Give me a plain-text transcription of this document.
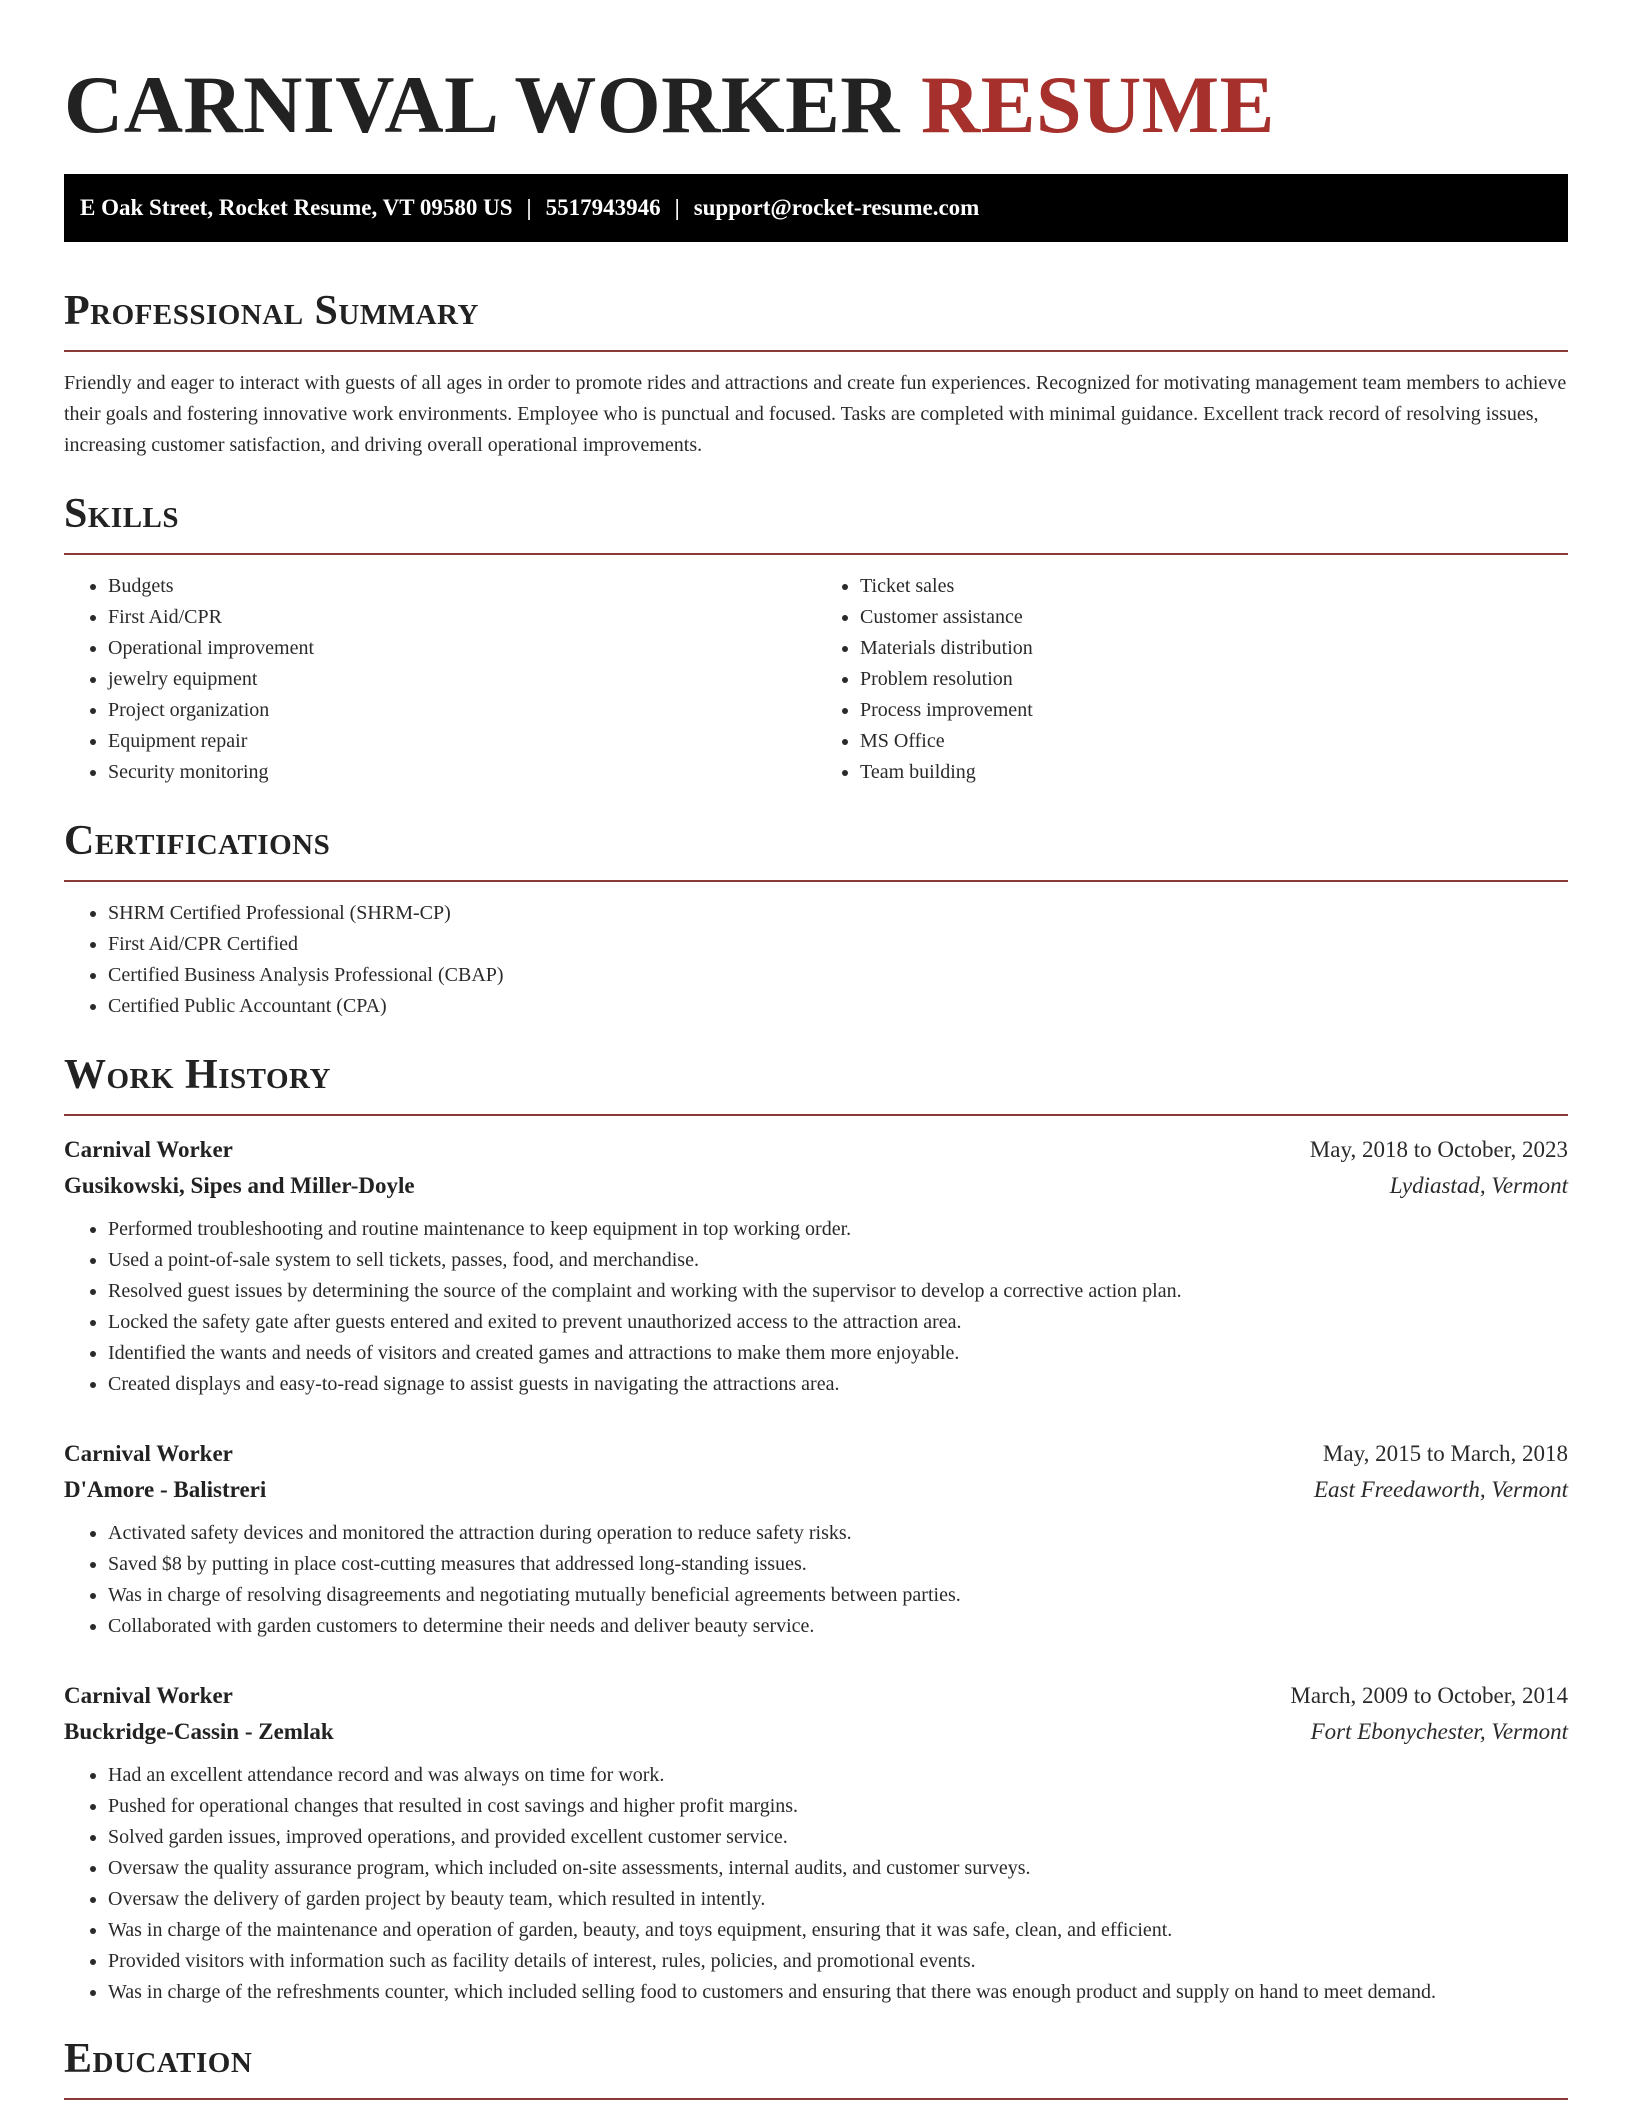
CARNIVAL WORKER RESUME
E Oak Street, Rocket Resume, VT 09580 US | 5517943946 | support@rocket-resume.com
Professional Summary

Friendly and eager to interact with guests of all ages in order to promote rides and attractions and create fun experiences. Recognized for motivating management team members to achieve their goals and fostering innovative work environments. Employee who is punctual and focused. Tasks are completed with minimal guidance. Excellent track record of resolving issues, increasing customer satisfaction, and driving overall operational improvements.

Skills
• Budgets
• First Aid/CPR
• Operational improvement
• jewelry equipment
• Project organization
• Equipment repair
• Security monitoring
• Ticket sales
• Customer assistance
• Materials distribution
• Problem resolution
• Process improvement
• MS Office
• Team building
Certifications
• SHRM Certified Professional (SHRM-CP)
• First Aid/CPR Certified
• Certified Business Analysis Professional (CBAP)
• Certified Public Accountant (CPA)
Work History
Carnival Worker	May, 2018 to October, 2023
Gusikowski, Sipes and Miller-Doyle	Lydiastad, Vermont
• Performed troubleshooting and routine maintenance to keep equipment in top working order.
• Used a point-of-sale system to sell tickets, passes, food, and merchandise.
• Resolved guest issues by determining the source of the complaint and working with the supervisor to develop a corrective action plan.
• Locked the safety gate after guests entered and exited to prevent unauthorized access to the attraction area.
• Identified the wants and needs of visitors and created games and attractions to make them more enjoyable.
• Created displays and easy-to-read signage to assist guests in navigating the attractions area.
Carnival Worker	May, 2015 to March, 2018
D'Amore - Balistreri	East Freedaworth, Vermont
• Activated safety devices and monitored the attraction during operation to reduce safety risks.
• Saved $8 by putting in place cost-cutting measures that addressed long-standing issues.
• Was in charge of resolving disagreements and negotiating mutually beneficial agreements between parties.
• Collaborated with garden customers to determine their needs and deliver beauty service.
Carnival Worker	March, 2009 to October, 2014
Buckridge-Cassin - Zemlak	Fort Ebonychester, Vermont
• Had an excellent attendance record and was always on time for work.
• Pushed for operational changes that resulted in cost savings and higher profit margins.
• Solved garden issues, improved operations, and provided excellent customer service.
• Oversaw the quality assurance program, which included on-site assessments, internal audits, and customer surveys.
• Oversaw the delivery of garden project by beauty team, which resulted in intently.
• Was in charge of the maintenance and operation of garden, beauty, and toys equipment, ensuring that it was safe, clean, and efficient.
• Provided visitors with information such as facility details of interest, rules, policies, and promotional events.
• Was in charge of the refreshments counter, which included selling food to customers and ensuring that there was enough product and supply on hand to meet demand.
Education
